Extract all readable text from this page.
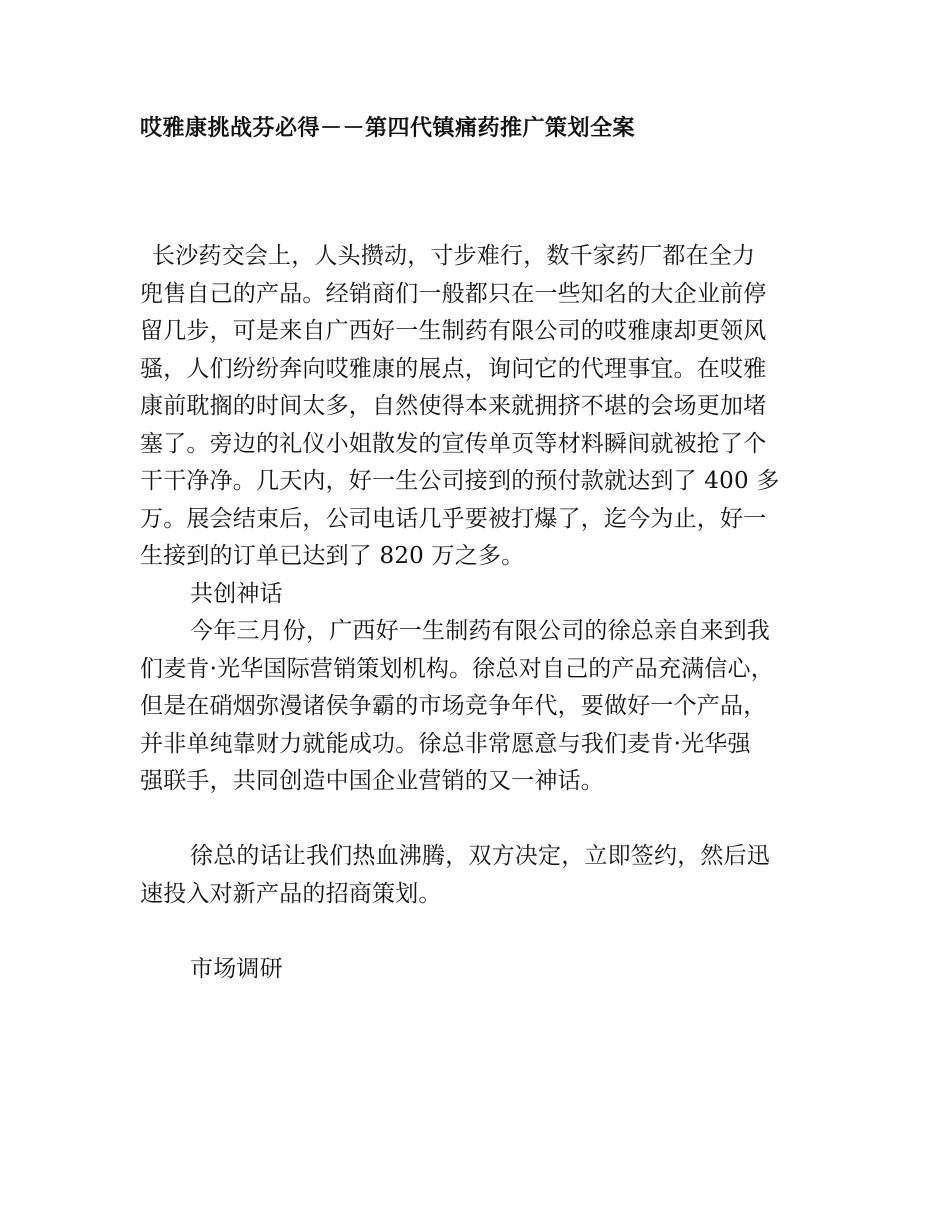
哎雅康挑战芬必得－－第四代镇痛药推广策划全案
长沙药交会上，人头攒动，寸步难行，数千家药厂都在全力
兜售自己的产品。经销商们一般都只在一些知名的大企业前停
留几步，可是来自广西好一生制药有限公司的哎雅康却更领风
骚，人们纷纷奔向哎雅康的展点，询问它的代理事宜。在哎雅
康前耽搁的时间太多，自然使得本来就拥挤不堪的会场更加堵
塞了。旁边的礼仪小姐散发的宣传单页等材料瞬间就被抢了个
干干净净。几天内，好一生公司接到的预付款就达到了 400 多
万。展会结束后，公司电话几乎要被打爆了，迄今为止，好一
生接到的订单已达到了 820 万之多。
共创神话
今年三月份，广西好一生制药有限公司的徐总亲自来到我
们麦肯·光华国际营销策划机构。徐总对自己的产品充满信心，
但是在硝烟弥漫诸侯争霸的市场竞争年代，要做好一个产品，
并非单纯靠财力就能成功。徐总非常愿意与我们麦肯·光华强
强联手，共同创造中国企业营销的又一神话。
徐总的话让我们热血沸腾，双方决定，立即签约，然后迅
速投入对新产品的招商策划。
市场调研
